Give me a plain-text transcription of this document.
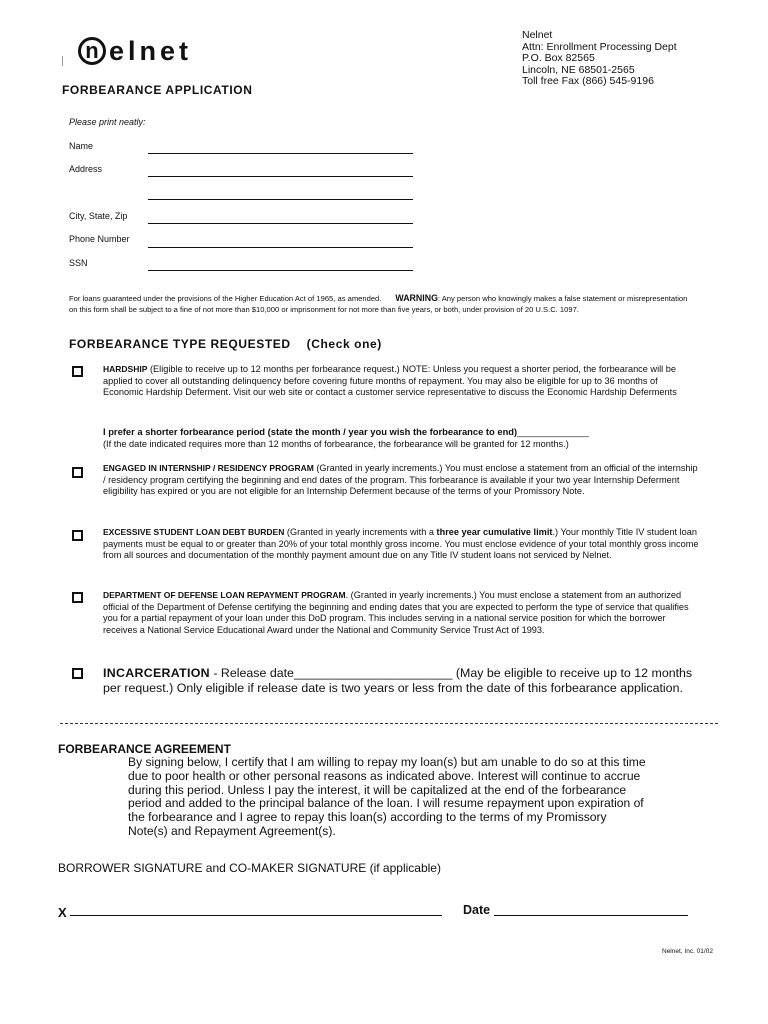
n elnet
Nelnet
Attn: Enrollment Processing Dept
P.O. Box 82565
Lincoln, NE 68501-2565
Toll free Fax (866) 545-9196
FORBEARANCE APPLICATION
Please print neatly:
Name
Address
City, State, Zip
Phone Number
SSN
For loans guaranteed under the provisions of the Higher Education Act of 1965, as amended. WARNING: Any person who knowingly makes a false statement or misrepresentation on this form shall be subject to a fine of not more than $10,000 or imprisonment for not more than five years, or both, under provision of 20 U.S.C. 1097.
FORBEARANCE TYPE REQUESTED (Check one)
HARDSHIP (Eligible to receive up to 12 months per forbearance request.) NOTE: Unless you request a shorter period, the forbearance will be applied to cover all outstanding delinquency before covering future months of repayment. You may also be eligible for up to 36 months of Economic Hardship Deferment. Visit our web site or contact a customer service representative to discuss the Economic Hardship Deferments
I prefer a shorter forbearance period (state the month / year you wish the forbearance to end)______________
(If the date indicated requires more than 12 months of forbearance, the forbearance will be granted for 12 months.)
ENGAGED IN INTERNSHIP / RESIDENCY PROGRAM (Granted in yearly increments.) You must enclose a statement from an official of the internship / residency program certifying the beginning and end dates of the program. This forbearance is available if your two year Internship Deferment eligibility has expired or you are not eligible for an Internship Deferment because of the terms of your Promissory Note.
EXCESSIVE STUDENT LOAN DEBT BURDEN (Granted in yearly increments with a three year cumulative limit.) Your monthly Title IV student loan payments must be equal to or greater than 20% of your total monthly gross income. You must enclose evidence of your total monthly gross income from all sources and documentation of the monthly payment amount due on any Title IV student loans not serviced by Nelnet.
DEPARTMENT OF DEFENSE LOAN REPAYMENT PROGRAM. (Granted in yearly increments.) You must enclose a statement from an authorized official of the Department of Defense certifying the beginning and ending dates that you are expected to perform the type of service that qualifies you for a partial repayment of your loan under this DoD program. This includes serving in a national service position for which the borrower receives a National Service Educational Award under the National and Community Service Trust Act of 1993.
INCARCERATION - Release date_______________________ (May be eligible to receive up to 12 months per request.) Only eligible if release date is two years or less from the date of this forbearance application.
FORBEARANCE AGREEMENT
By signing below, I certify that I am willing to repay my loan(s) but am unable to do so at this time due to poor health or other personal reasons as indicated above. Interest will continue to accrue during this period. Unless I pay the interest, it will be capitalized at the end of the forbearance period and added to the principal balance of the loan. I will resume repayment upon expiration of the forbearance and I agree to repay this loan(s) according to the terms of my Promissory Note(s) and Repayment Agreement(s).
BORROWER SIGNATURE and CO-MAKER SIGNATURE (if applicable)
X	Date
Nelnet, Inc. 01/02
